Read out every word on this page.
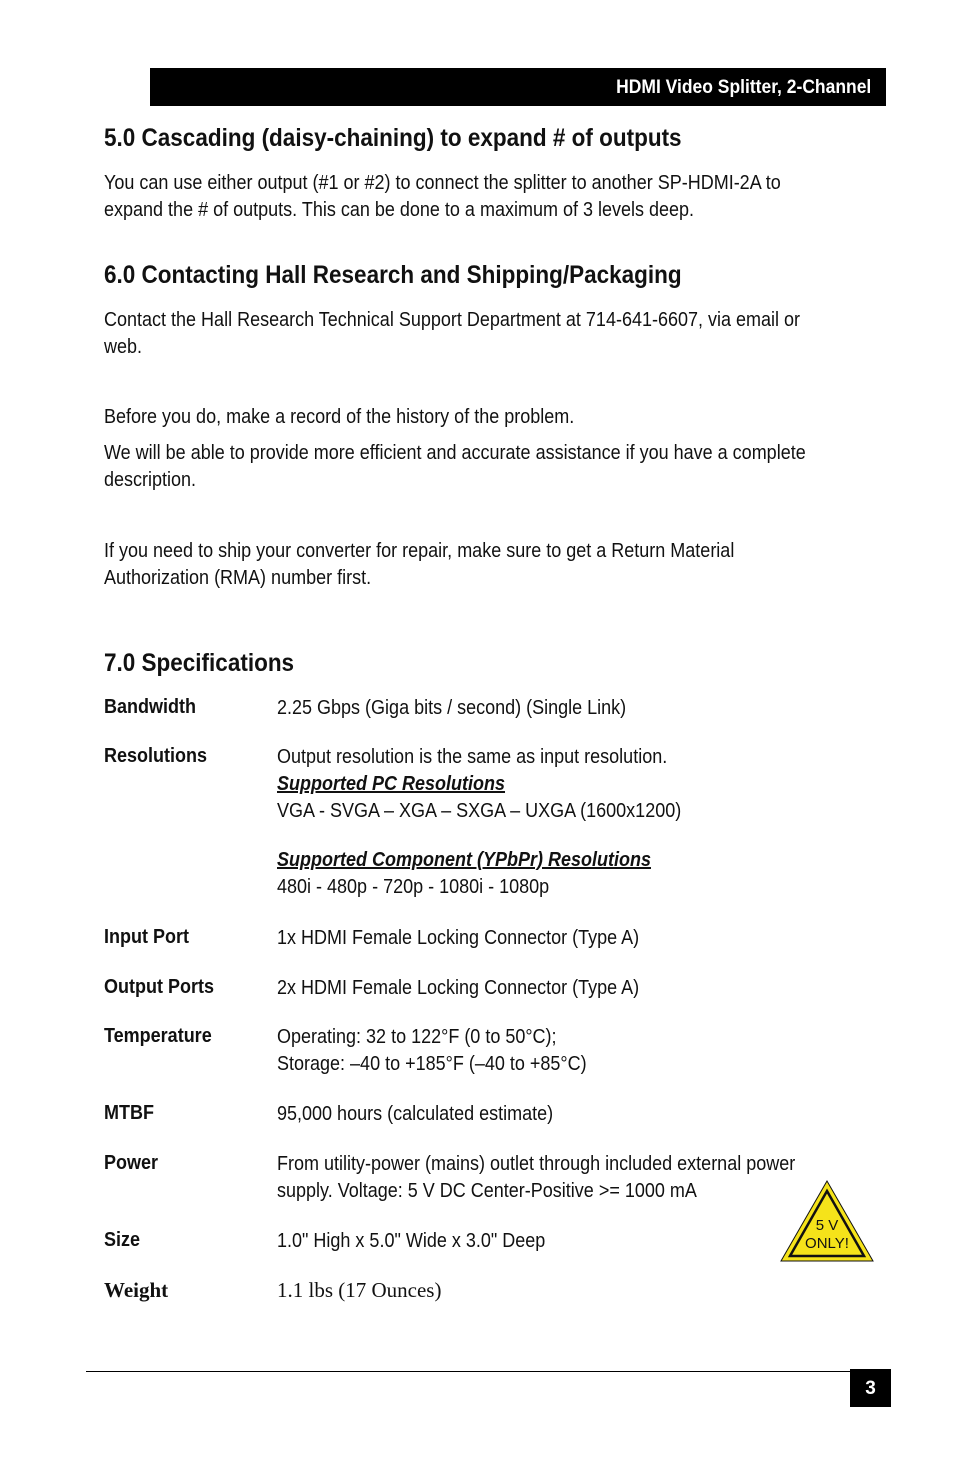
HDMI Video Splitter, 2-Channel
5.0 Cascading (daisy-chaining) to expand # of outputs
You can use either output (#1 or #2) to connect the splitter to another SP-HDMI-2A to
expand the # of outputs. This can be done to a maximum of 3 levels deep.
6.0 Contacting Hall Research and Shipping/Packaging
Contact the Hall Research Technical Support Department at 714-641-6607, via email or
web.
Before you do, make a record of the history of the problem.
We will be able to provide more efficient and accurate assistance if you have a complete
description.
If you need to ship your converter for repair, make sure to get a Return Material
Authorization (RMA) number first.
7.0 Specifications
Bandwidth	2.25 Gbps (Giga bits / second) (Single Link)
Resolutions	Output resolution is the same as input resolution.
Supported PC Resolutions
VGA - SVGA – XGA – SXGA – UXGA (1600x1200)
Supported Component (YPbPr) Resolutions
480i - 480p - 720p - 1080i - 1080p
Input Port	1x HDMI Female Locking Connector (Type A)
Output Ports	2x HDMI Female Locking Connector (Type A)
Temperature	Operating: 32 to 122°F (0 to 50°C);
Storage: –40 to +185°F (–40 to +85°C)
MTBF	95,000 hours (calculated estimate)
Power	From utility-power (mains) outlet through included external power
supply. Voltage: 5 V DC Center-Positive >= 1000 mA
Size	1.0" High x 5.0" Wide x 3.0" Deep
Weight	1.1 lbs (17 Ounces)
5 V
ONLY!
3
